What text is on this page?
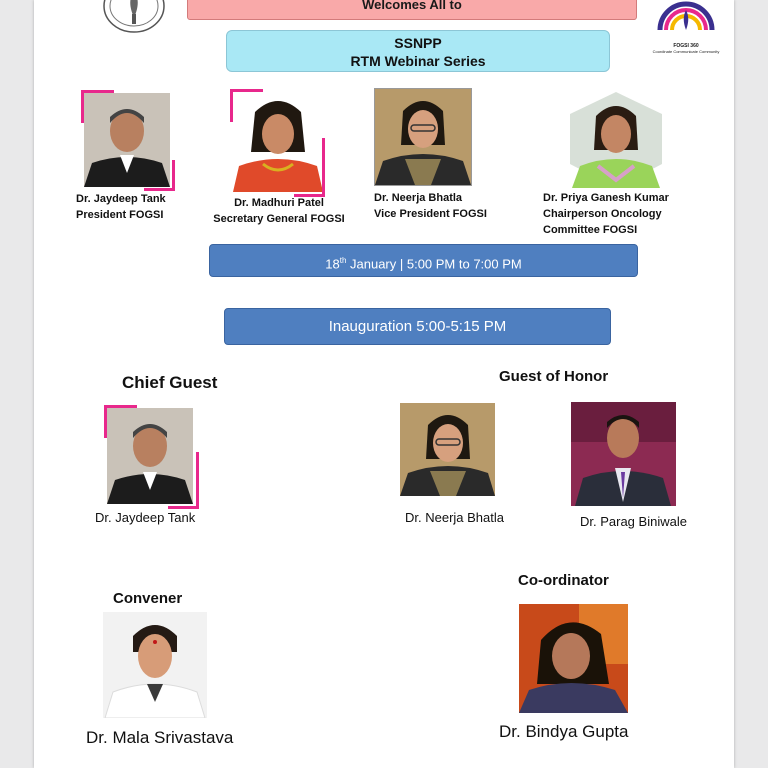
Welcomes All to
FOGSI 360
Coordinate Communicate Community
SSNPP
RTM Webinar Series
Dr. Jaydeep Tank
President FOGSI
Dr. Madhuri Patel
Secretary General FOGSI
Dr. Neerja Bhatla
Vice President FOGSI
Dr. Priya Ganesh Kumar
Chairperson Oncology
Committee FOGSI
18th January | 5:00 PM to 7:00 PM
Inauguration 5:00-5:15 PM
Chief Guest
Dr. Jaydeep Tank
Guest of Honor
Dr. Neerja Bhatla	Dr. Parag Biniwale
Convener
Dr. Mala Srivastava
Co-ordinator
Dr. Bindya Gupta
